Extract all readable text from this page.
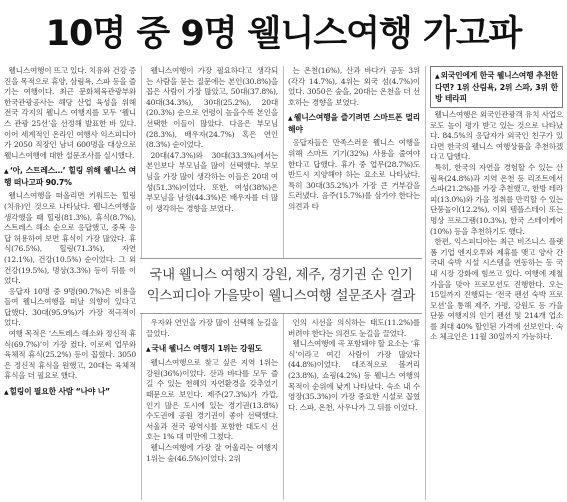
10명 중 9명 웰니스여행 가고파

웰니스여행이 뜨고 있다. 치유와 건강 증진을 목적으로 휴양, 삼림욕, 스파 등을 즐기는 여행이다. 최근 문화체육관광부와 한국관광공사는 해당 산업 육성을 위해 전국 각지의 웰니스 여행지를 모두 ‘웰니스 관광 25선’을 선정해 발표한 바 있다. 이어 세계적인 온라인 여행사 익스피디아가 2050 직장인 남녀 600명을 대상으로 웰니스여행에 대한 설문조사를 실시했다.

▲‘아, 스트레스…’ 힐링 위해 웰니스 여행 떠나고파 90.7%

웰니스여행을 떠올리면 키워드는 힐링(치유)인 것으로 나타났다. 웰니스여행을 생각했을 때 힐링(81.3%), 휴식(8.7%), 스트레스 해소 순으로 응답했고, 중복 응답 허용하여 보면 휴식이 가장 많았다. 휴식(76.5%), 힐링(71.3%), 자연(12.1%), 건강(10.5%) 순이었다. 그 외 건강(19.5%), 명상(3.3%) 등이 뒤를 이었다.

응답자 10명 중 9명(90.7%)은 비용을 들여 웰니스여행을 떠날 의향이 있다고 답했다. 30대(95.9%)가 가장 적극적이었다.

여행 목적은 ‘스트레스 해소와 정신적 휴식(69.7%)’이 가장 컸다. 이로써 업무와 육체적 휴식(25.2%) 등이 꼽혔다. 3050은 정신적 휴식을 원했고, 20대는 육체적 휴식을 더 필요로 했다.

▲힐링이 필요한 사람 “나야 나”

웰니스여행이 가장 필요하다고 생각되는 사람을 묻는 질문에는 본인(30.8%)을 꼽은 사람이 가장 많았고, 50대(37.8%), 40대(34.3%), 30대(25.2%), 20대(20.3%) 순으로 연령이 높을수록 본인을 선택한 이들이 많았다. 다음은 부모님(28.3%), 배우자(24.7%) 혹은 연인(8.3%) 순이었다.

20대(47.3%)와 30대(33.3%)에서는 본인보다 부모님을 많이 선택했다. 부모님을 가장 많이 생각하는 이들은 20대 여성(51.3%)이었다. 또한, 여성(38%)은 부모님을 남성(44.3%)은 배우자를 더 많이 생각하는 경향을 보였다.

는 온천(16%), 산과 바다가 공동 3위(각각 14.7%), 4위는 외국 섬(4.7%)이었다. 3050은 숲을, 20대는 온천을 더 선호하는 경향을 보였다.

▲웰니스여행을 즐기려면 스마트폰 멀리해야

응답자들은 만족스러운 웰니스 여행을 위해 스마트 기기(32%) 사용을 줄여야 한다고 답했다. 휴가 중 업무(28.7%)도 반드시 지양해야 하는 요소로 나타났다. 특히 30대(35.2%)가 가장 큰 거부감을 드러냈다. 음주(15.7%)를 삼가야 한다는 의견과 타

국내 웰니스 여행지 강원, 제주, 경기권 순 인기
익스피디아 가을맞이 웰니스여행 설문조사 결과

우자와 연인을 가장 많이 선택해 눈길을 끌었다.

▲국내 웰니스 여행지 1위는 강원도

웰니스여행으로 찾고 싶은 지역 1위는 강원(36%)이었다. 산과 바다를 모두 즐길 수 있는 천혜의 자연환경을 갖추었기 때문으로 보인다. 제주(27.3%)가 가깝, 인기 많은 도시에 있는 경기권(13.8%) 수도권에 공원 경기권이 좋아 선택했다. 서울과 전국 광역시를 포함한 대도시 선호는 1% 대 미만에 그쳤다.

웰니스여행에 가장 잘 어울리는 여행지 1위는 숲(46.5%)이었다. 2위

인의 시선을 의식하는 태도(11.2%)를 버려야 한다는 의견도 눈길을 끌었다.

웰니스여행에 곡 포함돼야 할 요소는 ‘휴식’이라고 여긴 사람이 가장 많았다(44.8%)이었다. 대조적으로 볼거리(23.8%), 쇼핑(4.2%) 등 웰니스 여행의 목적이 순위에 낮게 나타났다. 숙소 내 수영장(35.3%)이 가장 중요한 시설로 꼽혔다. 스파, 온천, 사우나가 그 뒤를 이었다.

▲외국인에게 한국 웰니스여행 추천한다면? 1위 산림욕, 2위 스파, 3위 한방 테라피

웰니스여행은 외국인관광객 유치 사업으로도 높이 평가 받고 있는 것으로 나타났다. 84.5%의 응답자가 외국인 친구가 있다면 한국의 웰니스 여행상품을 추천하겠다고 답했다.

특히, 한국의 자연을 경험할 수 있는 산림욕(24.8%)과 지역 온천 등 리조트에서 스파(21.2%)를 가장 추천했고, 한방 테라피(13.0%)와 가을 정취를 만끽할 수 있는 단풍놀이(12.2%), 이외 템플스테이 또는 명상 프로그램(10.3%), 한국 스테이케어(10%) 등을 추천하기도 했다.

한편, 익스피디아는 최근 비즈니스 플랫폼 기업 엔지오투와 제휴를 맺고 양사 간 국내 숙박 시설 시스템을 연동하는 등 국내 시장 강화에 힘쓰고 있다. 여행에 제철 가을을 맞아 프로모션도 진행한다. 오는 15일까지 진행되는 ‘전국 펜션 숙박 프로모션’을 통해 제주, 가평, 강원도 등 가을 단풍 여행지의 인기 펜션 및 214개 업소를 최대 40% 할인된 가격에 선보인다. 숙소 체크인은 11월 30일까지 가능하다.
